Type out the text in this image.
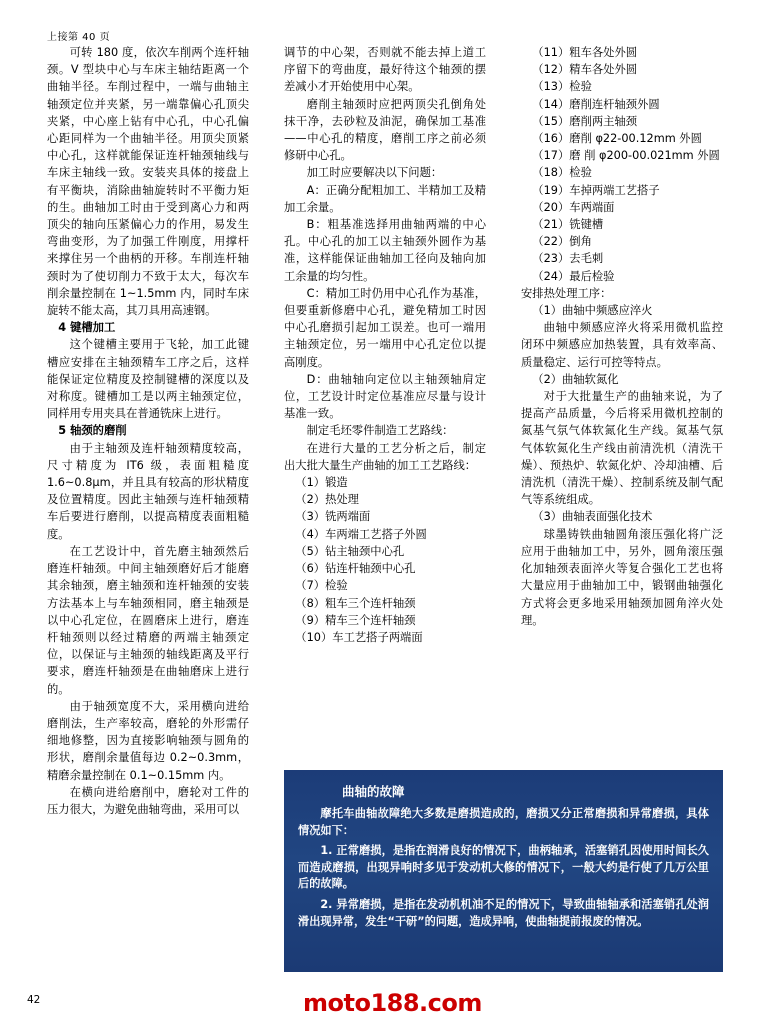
上接第 40 页

可转 180 度，依次车削两个连杆轴颈。V 型块中心与车床主轴结距离一个曲轴半径。车削过程中，一端与曲轴主轴颈定位并夹紧，另一端靠偏心孔顶尖夹紧，中心座上钻有中心孔，中心孔偏心距同样为一个曲轴半径。用顶尖顶紧中心孔，这样就能保证连杆轴颈轴线与车床主轴线一致。安装夹具体的接盘上有平衡块，消除曲轴旋转时不平衡力矩的生。曲轴加工时由于受到离心力和两顶尖的轴向压紧偏心力的作用，易发生弯曲变形，为了加强工件刚度，用撑杆来撑住另一个曲柄的开移。车削连杆轴颈时为了使切削力不致于太大，每次车削余量控制在 1~1.5mm 内，同时车床旋转不能太高，其刀具用高速钢。

4 键槽加工

这个键槽主要用于飞轮，加工此键槽应安排在主轴颈精车工序之后，这样能保证定位精度及控制键槽的深度以及对称度。键槽加工是以两主轴颈定位，同样用专用夹具在普通铣床上进行。

5 轴颈的磨削

由于主轴颈及连杆轴颈精度较高，尺寸精度为 IT6 级，表面粗糙度 1.6~0.8μm，并且具有较高的形状精度及位置精度。因此主轴颈与连杆轴颈精车后要进行磨削，以提高精度表面粗糙度。

在工艺设计中，首先磨主轴颈然后磨连杆轴颈。中间主轴颈磨好后才能磨其余轴颈，磨主轴颈和连杆轴颈的安装方法基本上与车轴颈相同，磨主轴颈是以中心孔定位，在圆磨床上进行，磨连杆轴颈则以经过精磨的两端主轴颈定位，以保证与主轴颈的轴线距离及平行要求，磨连杆轴颈是在曲轴磨床上进行的。

由于轴颈宽度不大，采用横向进给磨削法，生产率较高，磨轮的外形需仔细地修整，因为直接影响轴颈与圆角的形状，磨削余量值每边 0.2~0.3mm，精磨余量控制在 0.1~0.15mm 内。

在横向进给磨削中，磨轮对工件的压力很大，为避免曲轴弯曲，采用可以

调节的中心架，否则就不能去掉上道工序留下的弯曲度，最好待这个轴颈的摆差减小才开始使用中心架。

磨削主轴颈时应把两顶尖孔倒角处抹干净，去砂粒及油泥，确保加工基准——中心孔的精度，磨削工序之前必须修研中心孔。

加工时应要解决以下问题：

A：正确分配粗加工、半精加工及精加工余量。

B：粗基准选择用曲轴两端的中心孔。中心孔的加工以主轴颈外圆作为基准，这样能保证曲轴加工径向及轴向加工余量的均匀性。

C：精加工时仍用中心孔作为基准，但要重新修磨中心孔，避免精加工时因中心孔磨损引起加工误差。也可一端用主轴颈定位，另一端用中心孔定位以提高刚度。

D：曲轴轴向定位以主轴颈轴肩定位，工艺设计时定位基准应尽量与设计基准一致。

制定毛坯零件制造工艺路线：

在进行大量的工艺分析之后，制定出大批大量生产曲轴的加工工艺路线：

（1）锻造

（2）热处理

（3）铣两端面

（4）车两端工艺搭子外圆

（5）钻主轴颈中心孔

（6）钻连杆轴颈中心孔

（7）检验

（8）粗车三个连杆轴颈

（9）精车三个连杆轴颈

（10）车工艺搭子两端面

（11）粗车各处外圆

（12）精车各处外圆

（13）检验

（14）磨削连杆轴颈外圆

（15）磨削两主轴颈

（16）磨削 φ22-00.12mm 外圆

（17）磨 削 φ200-00.021mm 外圆

（18）检验

（19）车掉两端工艺搭子

（20）车两端面

（21）铣键槽

（22）倒角

（23）去毛刺

（24）最后检验

安排热处理工序：

（1）曲轴中频感应淬火

曲轴中频感应淬火将采用微机监控闭环中频感应加热装置，具有效率高、质量稳定、运行可控等特点。

（2）曲轴软氮化

对于大批量生产的曲轴来说，为了提高产品质量，今后将采用微机控制的氮基气氛气体软氮化生产线。氮基气氛气体软氮化生产线由前清洗机（清洗干燥）、预热炉、软氮化炉、冷却油槽、后清洗机（清洗干燥）、控制系统及制气配气等系统组成。

（3）曲轴表面强化技术

球墨铸铁曲轴圆角滚压强化将广泛应用于曲轴加工中，另外，圆角滚压强化加轴颈表面淬火等复合强化工艺也将大量应用于曲轴加工中，锻钢曲轴强化方式将会更多地采用轴颈加圆角淬火处理。

曲轴的故障

摩托车曲轴故障绝大多数是磨损造成的，磨损又分正常磨损和异常磨损，具体情况如下：

1. 正常磨损，是指在润滑良好的情况下，曲柄轴承，活塞销孔因使用时间长久而造成磨损，出现异响时多见于发动机大修的情况下，一般大约是行使了几万公里后的故障。

2. 异常磨损，是指在发动机机油不足的情况下，导致曲轴轴承和活塞销孔处润滑出现异常，发生“干研”的问题，造成异响，使曲轴提前报废的情况。

42	moto188.com
